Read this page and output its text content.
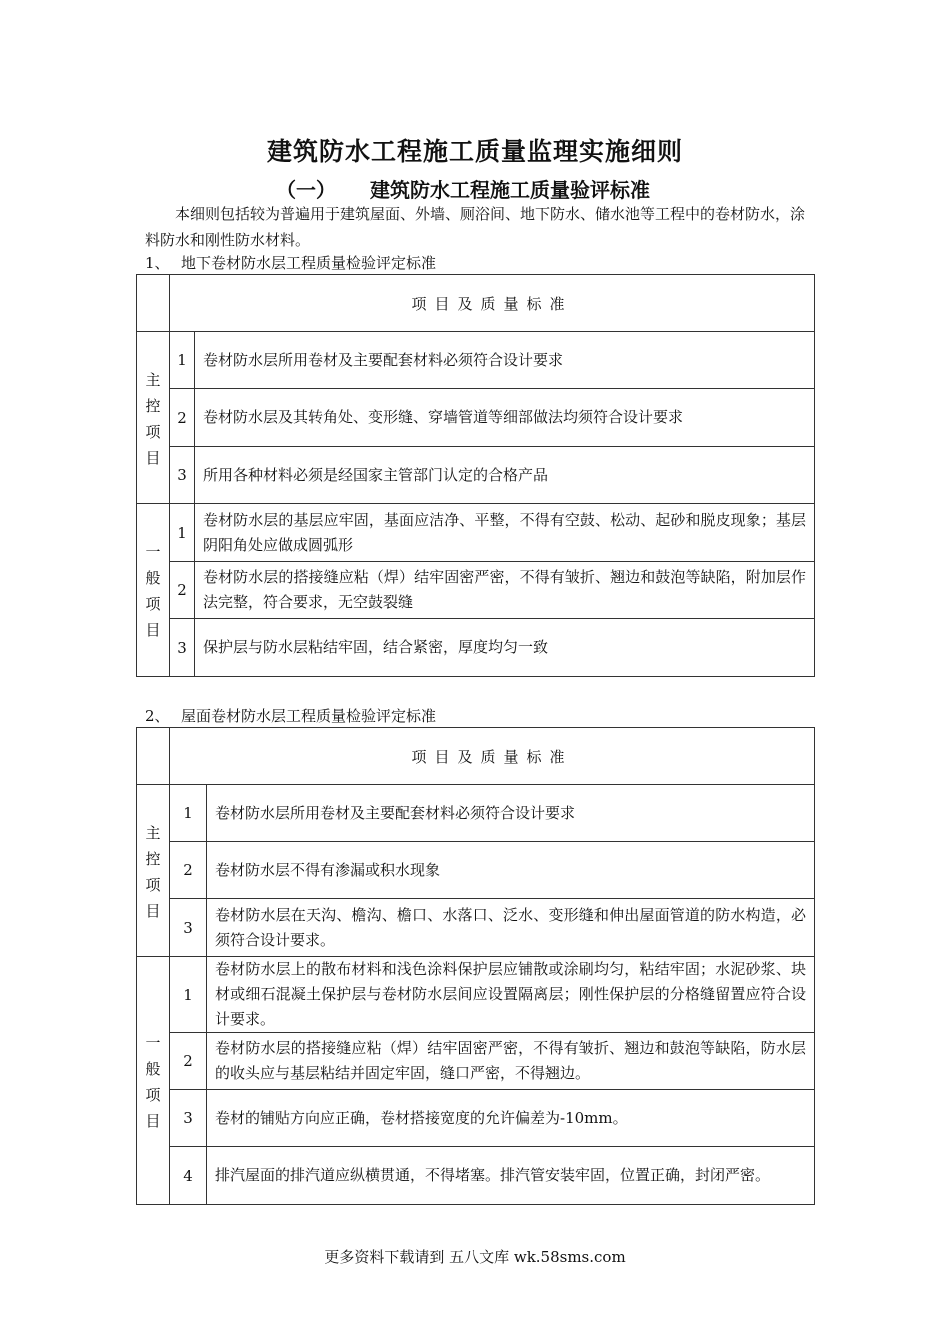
建筑防水工程施工质量监理实施细则
（一） 建筑防水工程施工质量验评标准
本细则包括较为普遍用于建筑屋面、外墙、厕浴间、地下防水、储水池等工程中的卷材防水，涂料防水和刚性防水材料。
1、 地下卷材防水层工程质量检验评定标准
	项目及质量标准	

主
控
项
目	1	卷材防水层所用卷材及主要配套材料必须符合设计要求
	2	卷材防水层及其转角处、变形缝、穿墙管道等细部做法均须符合设计要求
	3	所用各种材料必须是经国家主管部门认定的合格产品

一
般
项
目	1	卷材防水层的基层应牢固，基面应洁净、平整，不得有空鼓、松动、起砂和脱皮现象；基层阴阳角处应做成圆弧形
	2	卷材防水层的搭接缝应粘（焊）结牢固密严密，不得有皱折、翘边和鼓泡等缺陷，附加层作法完整，符合要求，无空鼓裂缝
	3	保护层与防水层粘结牢固，结合紧密，厚度均匀一致
2、 屋面卷材防水层工程质量检验评定标准
	项目及质量标准	

主
控
项
目	1	卷材防水层所用卷材及主要配套材料必须符合设计要求
	2	卷材防水层不得有渗漏或积水现象
	3	卷材防水层在天沟、檐沟、檐口、水落口、泛水、变形缝和伸出屋面管道的防水构造，必须符合设计要求。

一
般
项
目	1	卷材防水层上的散布材料和浅色涂料保护层应铺散或涂刷均匀，粘结牢固；水泥砂浆、块材或细石混凝土保护层与卷材防水层间应设置隔离层；刚性保护层的分格缝留置应符合设计要求。
	2	卷材防水层的搭接缝应粘（焊）结牢固密严密，不得有皱折、翘边和鼓泡等缺陷，防水层的收头应与基层粘结并固定牢固，缝口严密，不得翘边。
	3	卷材的铺贴方向应正确，卷材搭接宽度的允许偏差为-10mm。
	4	排汽屋面的排汽道应纵横贯通，不得堵塞。排汽管安装牢固，位置正确，封闭严密。
更多资料下载请到 五八文库 wk.58sms.com
